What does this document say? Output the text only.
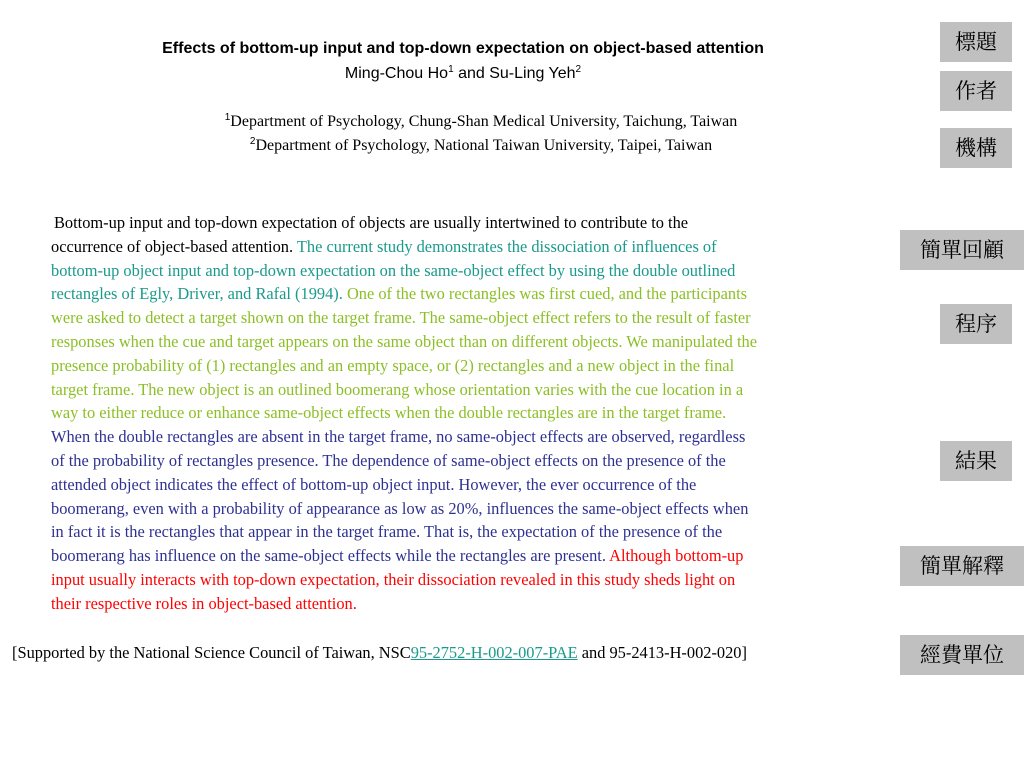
Effects of bottom-up input and top-down expectation on object-based attention
Ming-Chou Ho$^1$ and Su-Ling Yeh$^2$
$^1$Department of Psychology, Chung-Shan Medical University, Taichung, Taiwan
$^2$Department of Psychology, National Taiwan University, Taipei, Taiwan
Bottom-up input and top-down expectation of objects are usually intertwined to contribute to the
occurrence of object-based attention. The current study demonstrates the dissociation of influences of
bottom-up object input and top-down expectation on the same-object effect by using the double outlined
rectangles of Egly, Driver, and Rafal (1994). One of the two rectangles was first cued, and the participants
were asked to detect a target shown on the target frame. The same-object effect refers to the result of faster
responses when the cue and target appears on the same object than on different objects. We manipulated the
presence probability of (1) rectangles and an empty space, or (2) rectangles and a new object in the final
target frame. The new object is an outlined boomerang whose orientation varies with the cue location in a
way to either reduce or enhance same-object effects when the double rectangles are in the target frame.
When the double rectangles are absent in the target frame, no same-object effects are observed, regardless
of the probability of rectangles presence. The dependence of same-object effects on the presence of the
attended object indicates the effect of bottom-up object input. However, the ever occurrence of the
boomerang, even with a probability of appearance as low as 20%, influences the same-object effects when
in fact it is the rectangles that appear in the target frame. That is, the expectation of the presence of the
boomerang has influence on the same-object effects while the rectangles are present. Although bottom-up
input usually interacts with top-down expectation, their dissociation revealed in this study sheds light on
their respective roles in object-based attention.
[Supported by the National Science Council of Taiwan, NSC95-2752-H-002-007-PAE and 95-2413-H-002-020]
標題
作者
機構
簡單回顧
程序
結果
簡單解釋
經費單位
